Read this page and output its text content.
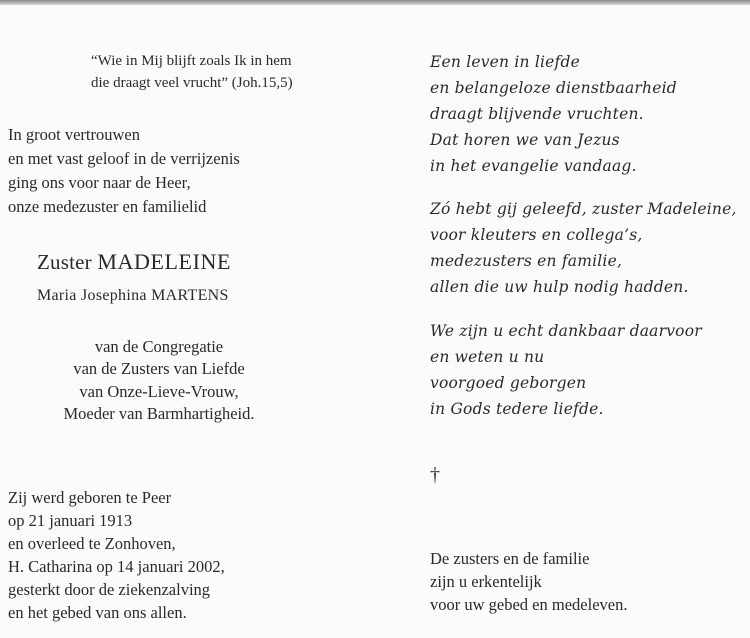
“Wie in Mij blijft zoals Ik in hem

die draagt veel vrucht” (Joh.15,5)

In groot vertrouwen

en met vast geloof in de verrijzenis

ging ons voor naar de Heer,

onze medezuster en familielid

Zuster MADELEINE

Maria Josephina MARTENS

van de Congregatie

van de Zusters van Liefde

van Onze-Lieve-Vrouw,

Moeder van Barmhartigheid.

Zij werd geboren te Peer

op 21 januari 1913

en overleed te Zonhoven,

H. Catharina op 14 januari 2002,

gesterkt door de ziekenzalving

en het gebed van ons allen.

Een leven in liefde

en belangeloze dienstbaarheid

draagt blijvende vruchten.

Dat horen we van Jezus

in het evangelie vandaag.

Zó hebt gij geleefd, zuster Madeleine,

voor kleuters en collega’s,

medezusters en familie,

allen die uw hulp nodig hadden.

We zijn u echt dankbaar daarvoor

en weten u nu

voorgoed geborgen

in Gods tedere liefde.

†

De zusters en de familie

zijn u erkentelijk

voor uw gebed en medeleven.
